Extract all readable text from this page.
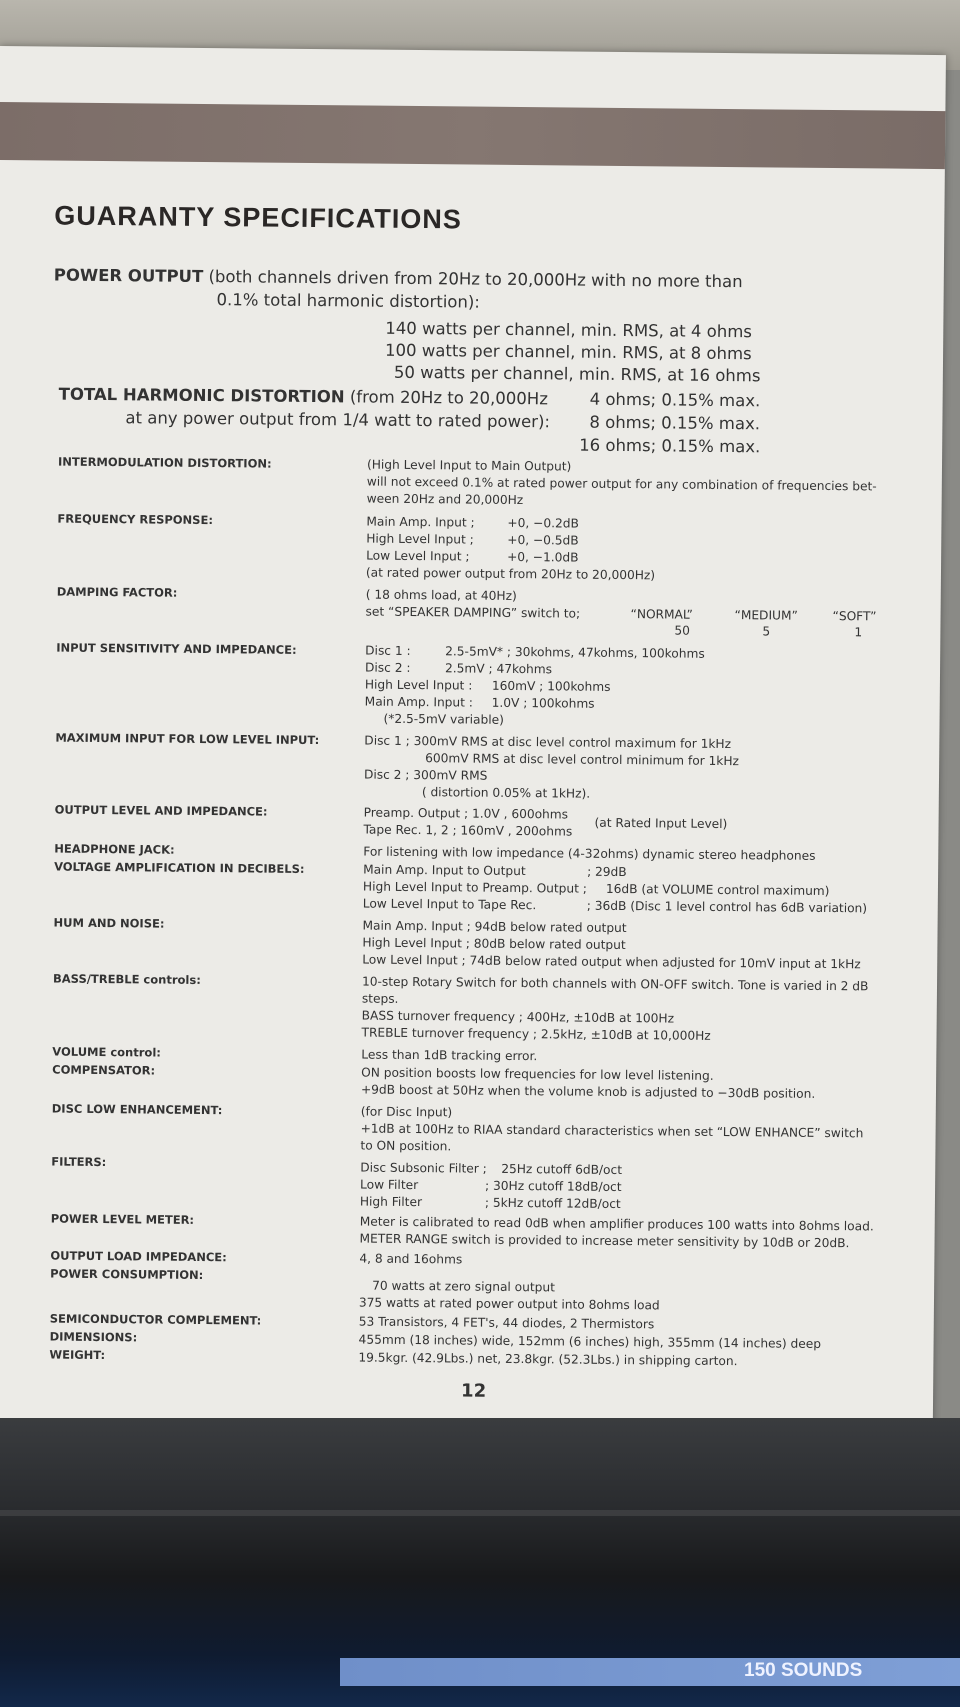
GUARANTY SPECIFICATIONS
POWER OUTPUT (both channels driven from 20Hz to 20,000Hz with no more than
0.1% total harmonic distortion):
140 watts per channel, min. RMS, at 4 ohms
100 watts per channel, min. RMS, at 8 ohms
50 watts per channel, min. RMS, at 16 ohms
TOTAL HARMONIC DISTORTION (from 20Hz to 20,000Hz
at any power output from 1/4 watt to rated power):
4 ohms; 0.15% max.
8 ohms; 0.15% max.
16 ohms; 0.15% max.
INTERMODULATION DISTORTION:	(High Level Input to Main Output)
will not exceed 0.1% at rated power output for any combination of frequencies bet-
ween 20Hz and 20,000Hz
FREQUENCY RESPONSE:	Main Amp. Input ;	+0, −0.2dB
High Level Input ;	+0, −0.5dB
Low Level Input ;	+0, −1.0dB
(at rated power output from 20Hz to 20,000Hz)
DAMPING FACTOR:	( 18 ohms load, at 40Hz)
set “SPEAKER DAMPING” switch to;	“NORMAL”	“MEDIUM”	“SOFT”
50	5	1
INPUT SENSITIVITY AND IMPEDANCE:	Disc 1 :	2.5-5mV* ; 30kohms, 47kohms, 100kohms
Disc 2 :	2.5mV ; 47kohms
High Level Input : 160mV ; 100kohms
Main Amp. Input : 1.0V ; 100kohms
(*2.5-5mV variable)
MAXIMUM INPUT FOR LOW LEVEL INPUT:	Disc 1 ; 300mV RMS at disc level control maximum for 1kHz
600mV RMS at disc level control minimum for 1kHz
Disc 2 ; 300mV RMS
( distortion 0.05% at 1kHz).
OUTPUT LEVEL AND IMPEDANCE:	Preamp. Output ; 1.0V , 600ohms
Tape Rec. 1, 2 ; 160mV , 200ohms (at Rated Input Level)
HEADPHONE JACK:	For listening with low impedance (4-32ohms) dynamic stereo headphones
VOLTAGE AMPLIFICATION IN DECIBELS:	Main Amp. Input to Output	; 29dB
High Level Input to Preamp. Output ; 16dB (at VOLUME control maximum)
Low Level Input to Tape Rec.	; 36dB (Disc 1 level control has 6dB variation)
HUM AND NOISE:	Main Amp. Input ; 94dB below rated output
High Level Input ; 80dB below rated output
Low Level Input ; 74dB below rated output when adjusted for 10mV input at 1kHz
BASS/TREBLE controls:	10-step Rotary Switch for both channels with ON-OFF switch. Tone is varied in 2 dB
steps.
BASS turnover frequency ; 400Hz, ±10dB at 100Hz
TREBLE turnover frequency ; 2.5kHz, ±10dB at 10,000Hz
VOLUME control:	Less than 1dB tracking error.
COMPENSATOR:	ON position boosts low frequencies for low level listening.
+9dB boost at 50Hz when the volume knob is adjusted to −30dB position.
DISC LOW ENHANCEMENT:	(for Disc Input)
+1dB at 100Hz to RIAA standard characteristics when set “LOW ENHANCE” switch
to ON position.
FILTERS:	Disc Subsonic Filter ; 25Hz cutoff 6dB/oct
Low Filter	; 30Hz cutoff 18dB/oct
High Filter	; 5kHz cutoff 12dB/oct
POWER LEVEL METER:	Meter is calibrated to read 0dB when amplifier produces 100 watts into 8ohms load.
METER RANGE switch is provided to increase meter sensitivity by 10dB or 20dB.
OUTPUT LOAD IMPEDANCE:	4, 8 and 16ohms
POWER CONSUMPTION:
70 watts at zero signal output
375 watts at rated power output into 8ohms load
SEMICONDUCTOR COMPLEMENT:	53 Transistors, 4 FET's, 44 diodes, 2 Thermistors
DIMENSIONS:	455mm (18 inches) wide, 152mm (6 inches) high, 355mm (14 inches) deep
WEIGHT:	19.5kgr. (42.9Lbs.) net, 23.8kgr. (52.3Lbs.) in shipping carton.
12
150 SOUNDS
